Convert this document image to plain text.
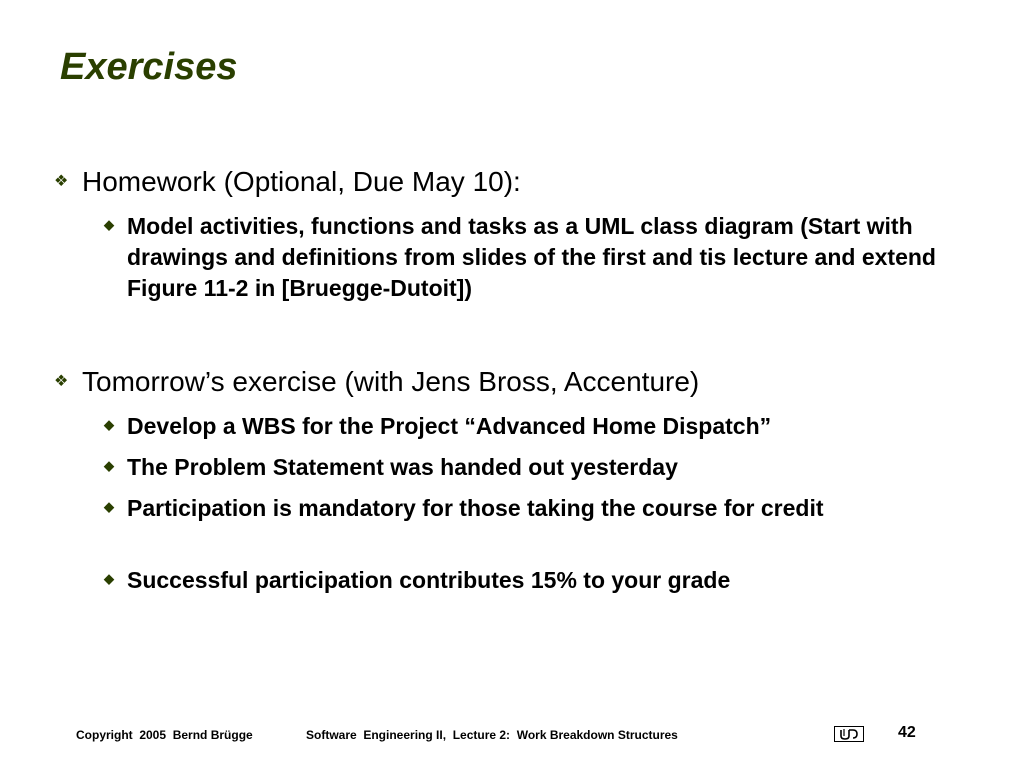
Exercises
❖ Homework (Optional, Due May 10):
◆ Model activities, functions and tasks as a UML class diagram (Start with drawings and definitions from slides of the first and tis lecture and extend Figure 11-2 in [Bruegge-Dutoit])
❖ Tomorrow’s exercise (with Jens Bross, Accenture)
◆ Develop a WBS for the Project “Advanced Home Dispatch”
◆ The Problem Statement was handed out yesterday
◆ Participation is mandatory for those taking the course for credit
◆ Successful participation contributes 15% to your grade
Copyright  2005  Bernd Brügge	Software  Engineering II,  Lecture 2:  Work Breakdown Structures	42
